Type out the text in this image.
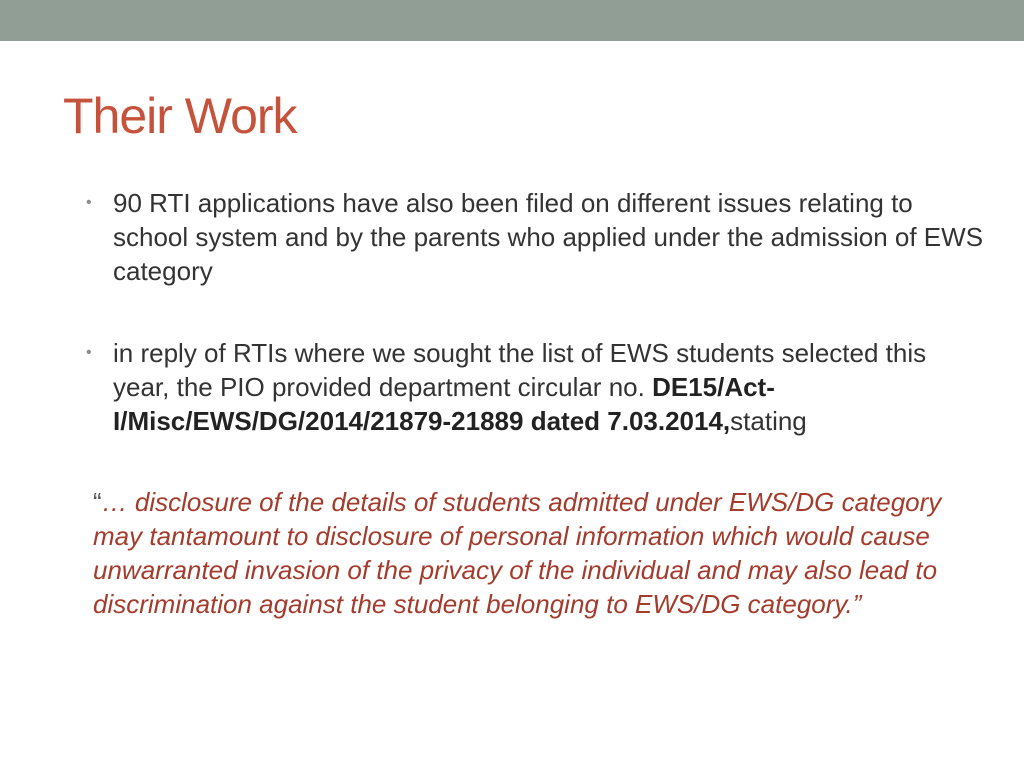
Their Work
• 90 RTI applications have also been filed on different issues relating to school system and by the parents who applied under the admission of EWS category
• in reply of RTIs where we sought the list of EWS students selected this year, the PIO provided department circular no. DE15/Act-I/Misc/EWS/DG/2014/21879-21889 dated 7.03.2014,stating

“… disclosure of the details of students admitted under EWS/DG category may tantamount to disclosure of personal information which would cause unwarranted invasion of the privacy of the individual and may also lead to discrimination against the student belonging to EWS/DG category.”
